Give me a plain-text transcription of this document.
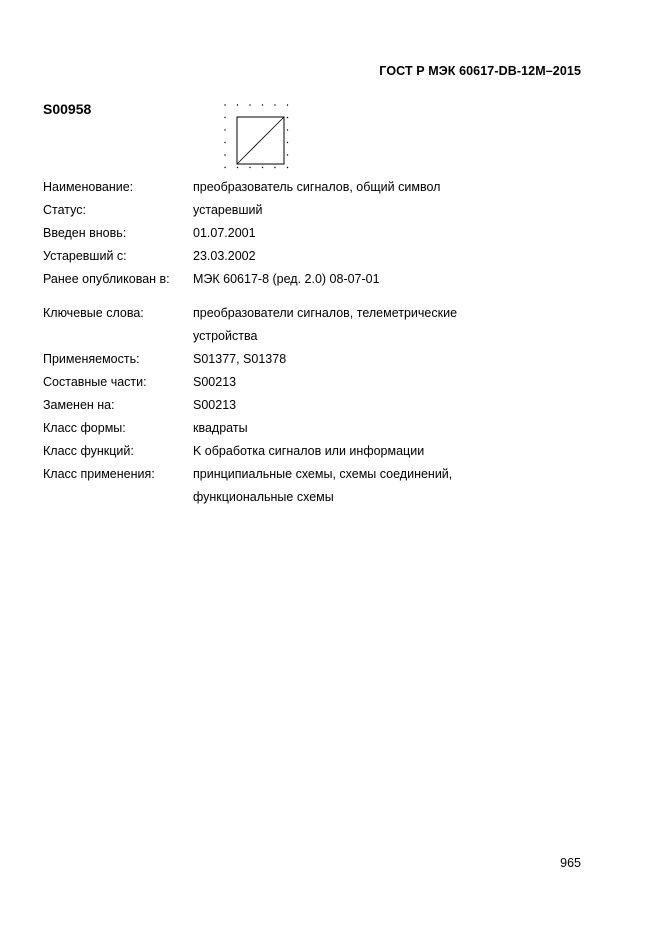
ГОСТ Р МЭК 60617-DB-12М–2015
S00958
Наименование:	преобразователь сигналов, общий символ
Статус:	устаревший
Введен вновь:	01.07.2001
Устаревший с:	23.03.2002
Ранее опубликован в:	МЭК 60617-8 (ред. 2.0) 08-07-01
Ключевые слова:	преобразователи сигналов, телеметрические
устройства
Применяемость:	S01377, S01378
Составные части:	S00213
Заменен на:	S00213
Класс формы:	квадраты
Класс функций:	K обработка сигналов или информации
Класс применения:	принципиальные схемы, схемы соединений,
функциональные схемы
965
